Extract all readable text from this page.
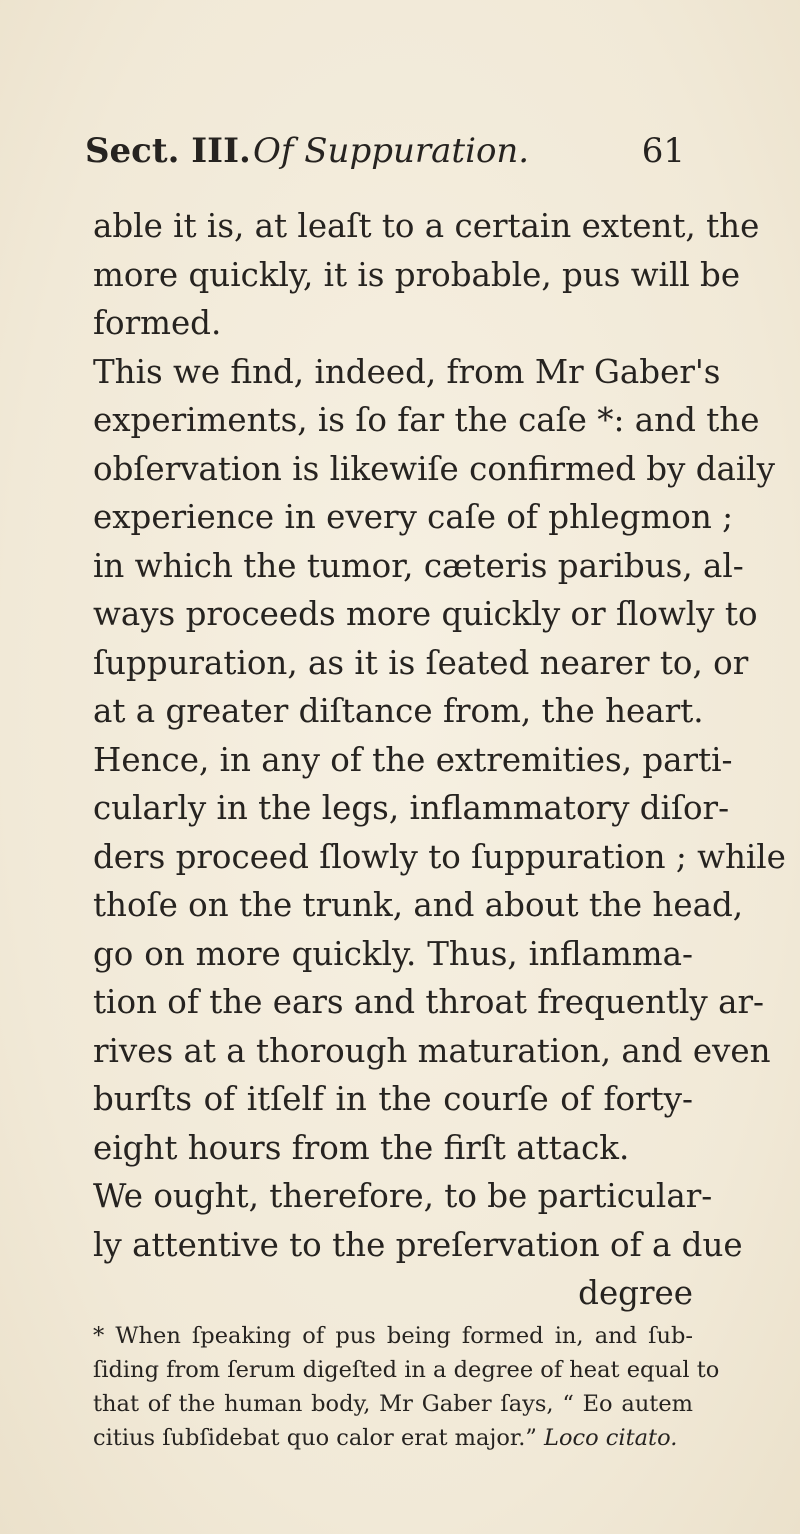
Sect. III. Of Suppuration.	61
able it is, at leaſt to a certain extent, the
more quickly, it is probable, pus will be
formed.
This we find, indeed, from Mr Gaber's
experiments, is ſo far the caſe *: and the
obſervation is likewiſe confirmed by daily
experience in every caſe of phlegmon ;
in which the tumor, cæteris paribus, al-
ways proceeds more quickly or ſlowly to
ſuppuration, as it is ſeated nearer to, or
at a greater diſtance from, the heart.
Hence, in any of the extremities, parti-
cularly in the legs, inflammatory diſor-
ders proceed ſlowly to ſuppuration ; while
thoſe on the trunk, and about the head,
go on more quickly. Thus, inflamma-
tion of the ears and throat frequently ar-
rives at a thorough maturation, and even
burſts of itſelf in the courſe of forty-
eight hours from the firſt attack.
We ought, therefore, to be particular-
ly attentive to the preſervation of a due
degree
* When ſpeaking of pus being formed in, and ſub-
ſiding from ſerum digeſted in a degree of heat equal to
that of the human body, Mr Gaber ſays, “ Eo autem
citius ſubſidebat quo calor erat major.” Loco citato.
